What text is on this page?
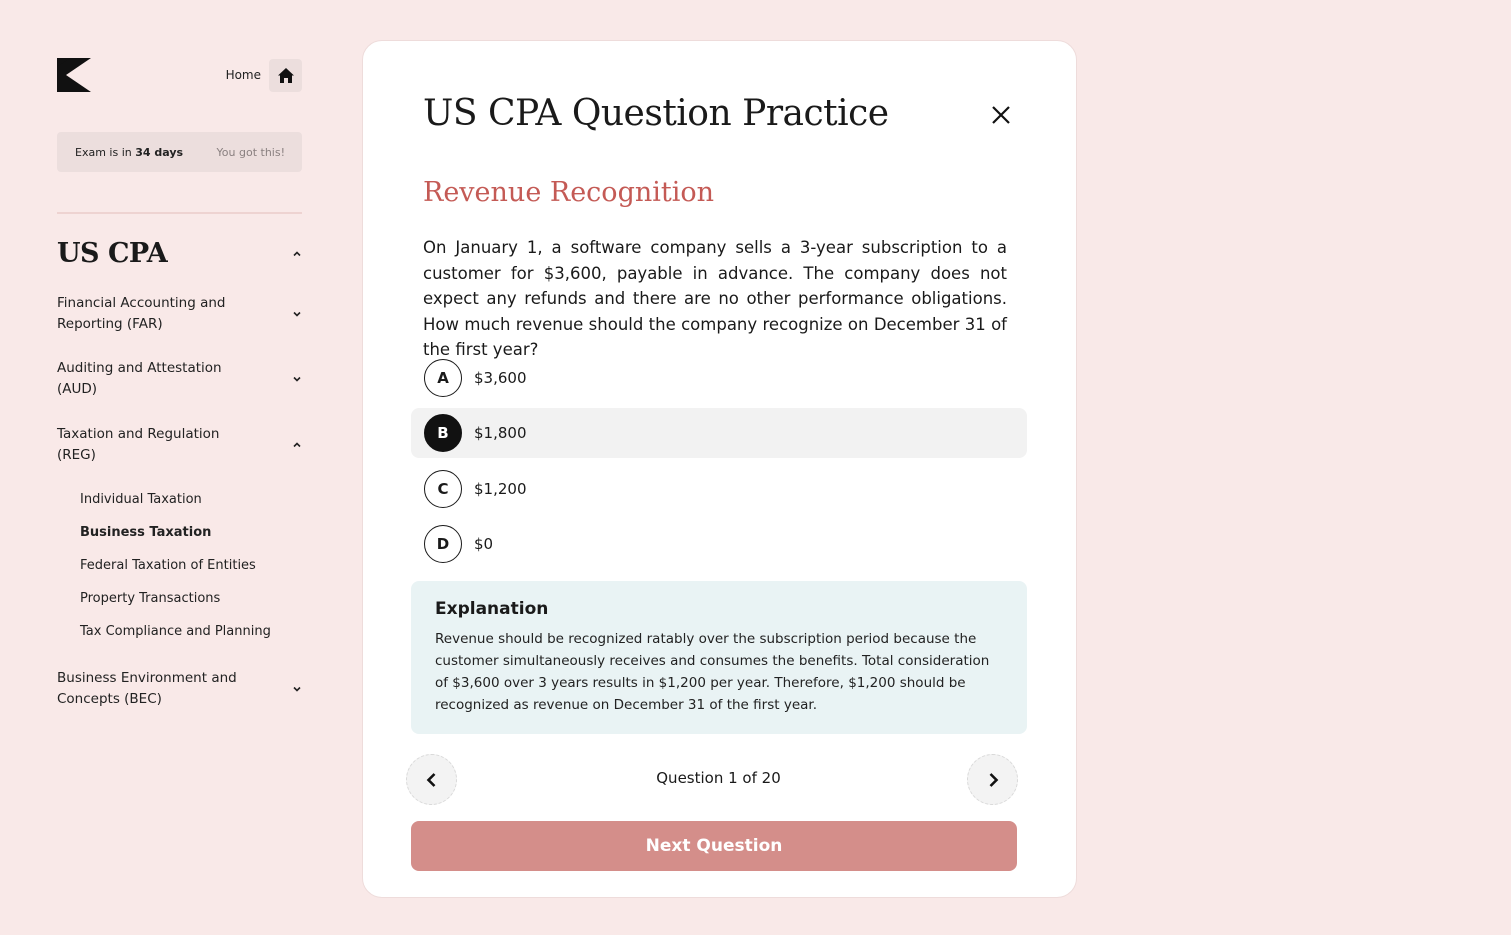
Home
Exam is in 34 days	You got this!
US CPA
Financial Accounting and Reporting (FAR)
Auditing and Attestation (AUD)
Taxation and Regulation (REG)
Individual Taxation
Business Taxation
Federal Taxation of Entities
Property Transactions
Tax Compliance and Planning
Business Environment and Concepts (BEC)
US CPA Question Practice
Revenue Recognition
On January 1, a software company sells a 3-year subscription to a customer for $3,600, payable in advance. The company does not expect any refunds and there are no other performance obligations. How much revenue should the company recognize on December 31 of the first year?
A	$3,600
B	$1,800
C	$1,200
D	$0
Explanation
Revenue should be recognized ratably over the subscription period because the customer simultaneously receives and consumes the benefits. Total consideration of $3,600 over 3 years results in $1,200 per year. Therefore, $1,200 should be recognized as revenue on December 31 of the first year.
Question 1 of 20
Next Question
